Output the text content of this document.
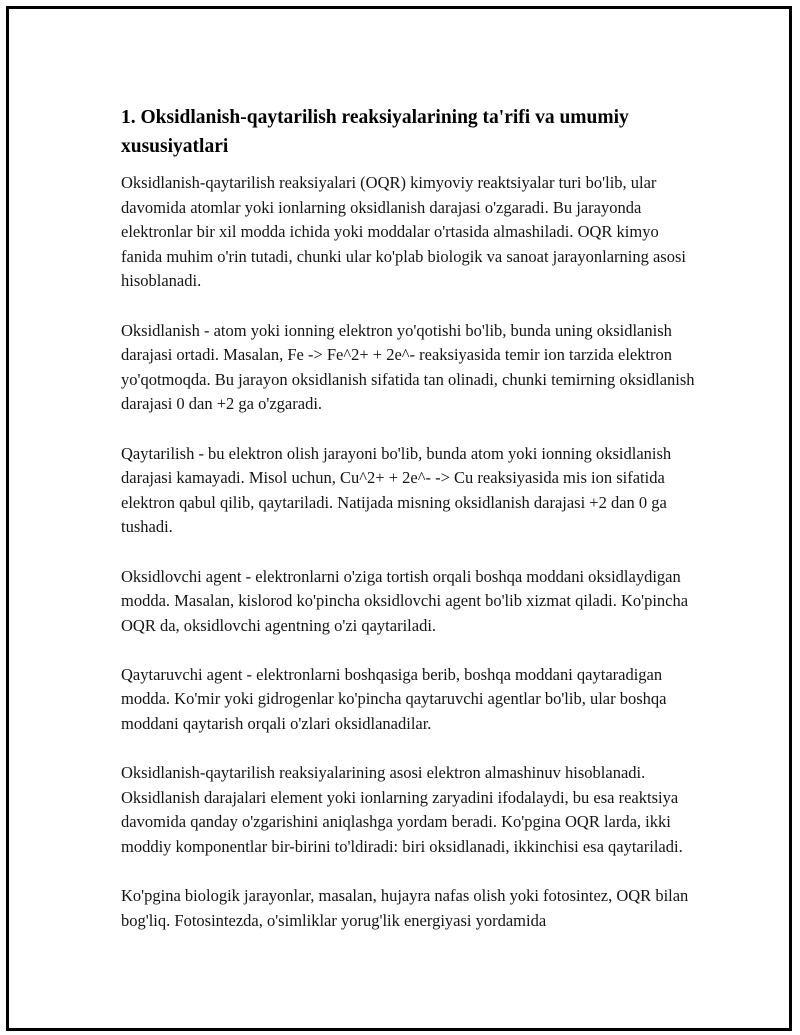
1. Oksidlanish-qaytarilish reaksiyalarining ta'rifi va umumiy xususiyatlari

Oksidlanish-qaytarilish reaksiyalari (OQR) kimyoviy reaktsiyalar turi bo'lib, ular davomida atomlar yoki ionlarning oksidlanish darajasi o'zgaradi. Bu jarayonda elektronlar bir xil modda ichida yoki moddalar o'rtasida almashiladi. OQR kimyo fanida muhim o'rin tutadi, chunki ular ko'plab biologik va sanoat jarayonlarning asosi hisoblanadi.

Oksidlanish - atom yoki ionning elektron yo'qotishi bo'lib, bunda uning oksidlanish darajasi ortadi. Masalan, Fe -> Fe^2+ + 2e^- reaksiyasida temir ion tarzida elektron yo'qotmoqda. Bu jarayon oksidlanish sifatida tan olinadi, chunki temirning oksidlanish darajasi 0 dan +2 ga o'zgaradi.

Qaytarilish - bu elektron olish jarayoni bo'lib, bunda atom yoki ionning oksidlanish darajasi kamayadi. Misol uchun, Cu^2+ + 2e^- -> Cu reaksiyasida mis ion sifatida elektron qabul qilib, qaytariladi. Natijada misning oksidlanish darajasi +2 dan 0 ga tushadi.

Oksidlovchi agent - elektronlarni o'ziga tortish orqali boshqa moddani oksidlaydigan modda. Masalan, kislorod ko'pincha oksidlovchi agent bo'lib xizmat qiladi. Ko'pincha OQR da, oksidlovchi agentning o'zi qaytariladi.

Qaytaruvchi agent - elektronlarni boshqasiga berib, boshqa moddani qaytaradigan modda. Ko'mir yoki gidrogenlar ko'pincha qaytaruvchi agentlar bo'lib, ular boshqa moddani qaytarish orqali o'zlari oksidlanadilar.

Oksidlanish-qaytarilish reaksiyalarining asosi elektron almashinuv hisoblanadi. Oksidlanish darajalari element yoki ionlarning zaryadini ifodalaydi, bu esa reaktsiya davomida qanday o'zgarishini aniqlashga yordam beradi. Ko'pgina OQR larda, ikki moddiy komponentlar bir-birini to'ldiradi: biri oksidlanadi, ikkinchisi esa qaytariladi.

Ko'pgina biologik jarayonlar, masalan, hujayra nafas olish yoki fotosintez, OQR bilan bog'liq. Fotosintezda, o'simliklar yorug'lik energiyasi yordamida
